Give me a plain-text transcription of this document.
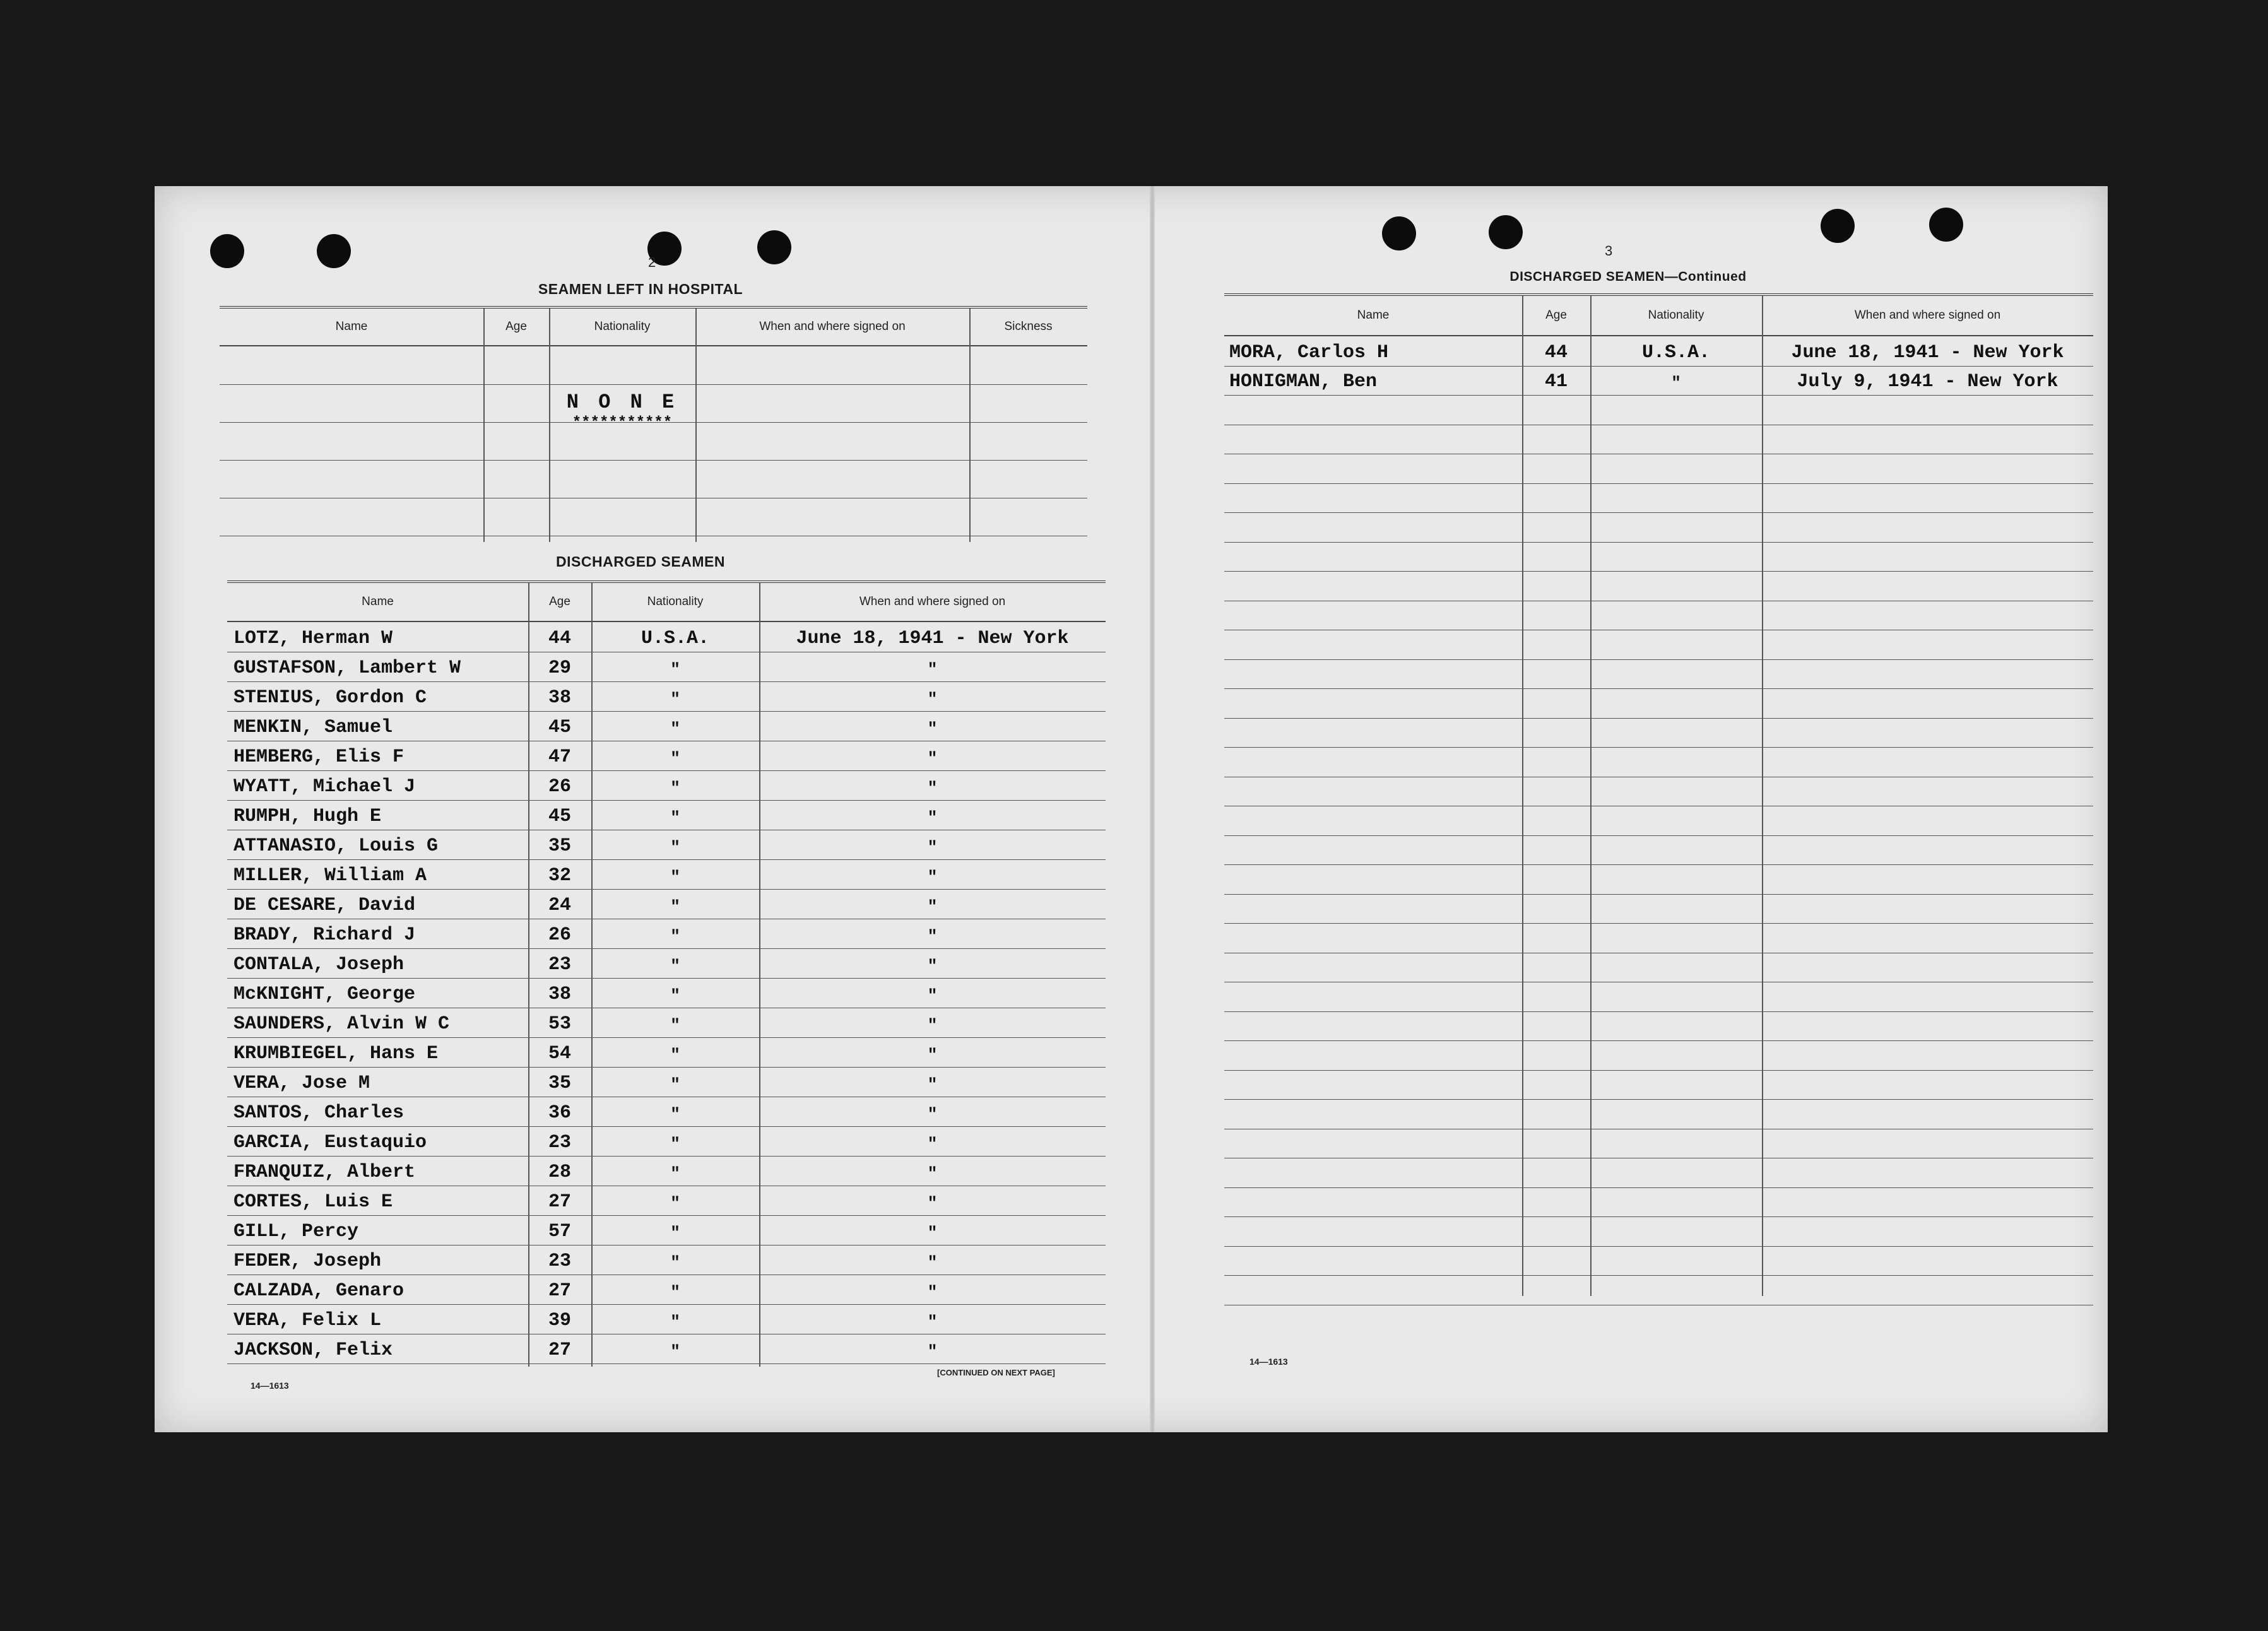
2
SEAMEN LEFT IN HOSPITAL
Name	Age	Nationality	When and where signed on	Sickness
N O N E
***********
DISCHARGED SEAMEN
Name	Age	Nationality	When and where signed on
LOTZ, Herman W	44	U.S.A.	June 18, 1941 - New York
GUSTAFSON, Lambert W	29	"	"
STENIUS, Gordon C	38	"	"
MENKIN, Samuel	45	"	"
HEMBERG, Elis F	47	"	"
WYATT, Michael J	26	"	"
RUMPH, Hugh E	45	"	"
ATTANASIO, Louis G	35	"	"
MILLER, William A	32	"	"
DE CESARE, David	24	"	"
BRADY, Richard J	26	"	"
CONTALA, Joseph	23	"	"
McKNIGHT, George	38	"	"
SAUNDERS, Alvin W C	53	"	"
KRUMBIEGEL, Hans E	54	"	"
VERA, Jose M	35	"	"
SANTOS, Charles	36	"	"
GARCIA, Eustaquio	23	"	"
FRANQUIZ, Albert	28	"	"
CORTES, Luis E	27	"	"
GILL, Percy	57	"	"
FEDER, Joseph	23	"	"
CALZADA, Genaro	27	"	"
VERA, Felix L	39	"	"
JACKSON, Felix	27	"	"
14—1613
[CONTINUED ON NEXT PAGE]
3
DISCHARGED SEAMEN—Continued
Name	Age	Nationality	When and where signed on
MORA, Carlos H	44	U.S.A.	June 18, 1941 - New York
HONIGMAN, Ben	41	"	July 9, 1941 - New York
14—1613
